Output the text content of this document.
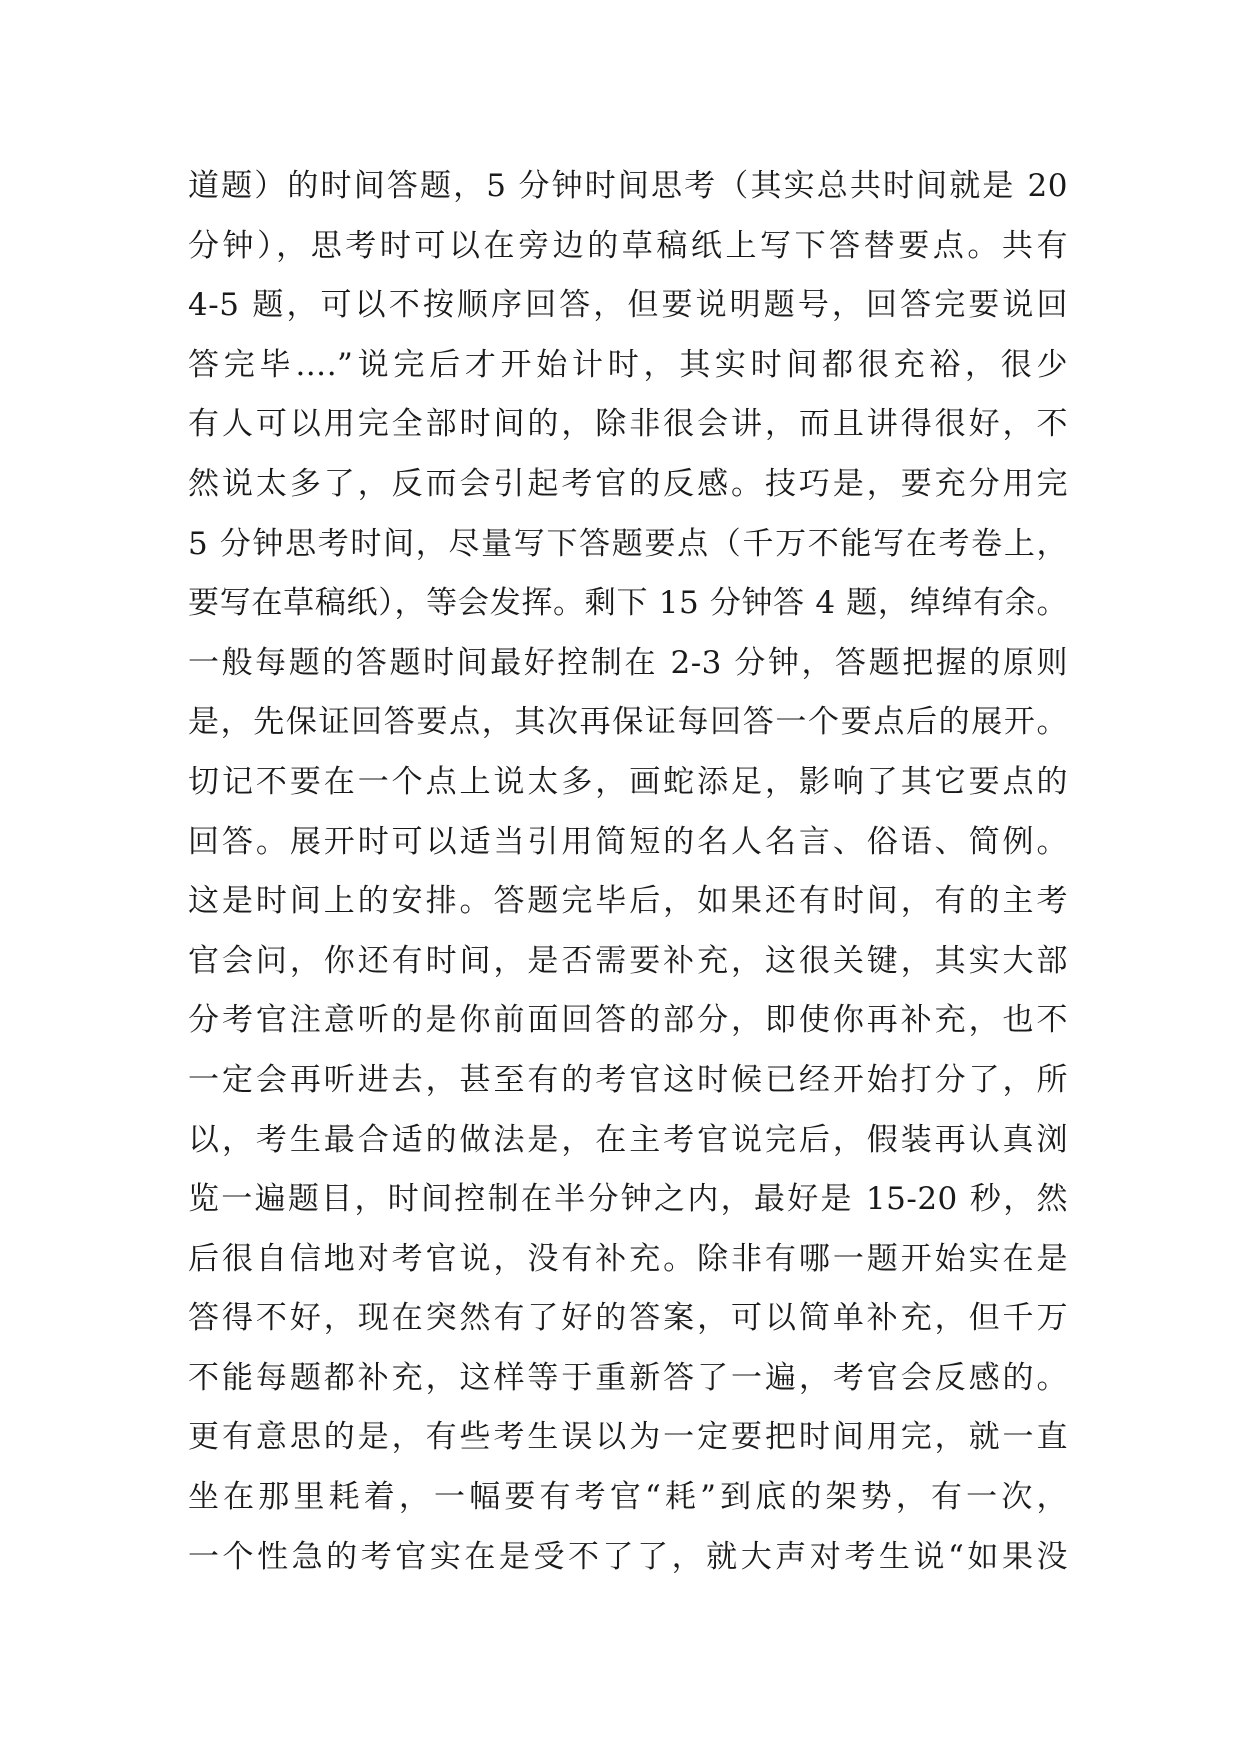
道题）的时间答题，5 分钟时间思考（其实总共时间就是 20
分钟），思考时可以在旁边的草稿纸上写下答替要点。共有
4-5 题，可以不按顺序回答，但要说明题号，回答完要说回
答完毕….”说完后才开始计时，其实时间都很充裕，很少
有人可以用完全部时间的，除非很会讲，而且讲得很好，不
然说太多了，反而会引起考官的反感。技巧是，要充分用完
5 分钟思考时间，尽量写下答题要点（千万不能写在考卷上，
要写在草稿纸），等会发挥。剩下 15 分钟答 4 题，绰绰有余。
一般每题的答题时间最好控制在 2-3 分钟，答题把握的原则
是，先保证回答要点，其次再保证每回答一个要点后的展开。
切记不要在一个点上说太多，画蛇添足，影响了其它要点的
回答。展开时可以适当引用简短的名人名言、俗语、简例。
这是时间上的安排。答题完毕后，如果还有时间，有的主考
官会问，你还有时间，是否需要补充，这很关键，其实大部
分考官注意听的是你前面回答的部分，即使你再补充，也不
一定会再听进去，甚至有的考官这时候已经开始打分了，所
以，考生最合适的做法是，在主考官说完后，假装再认真浏
览一遍题目，时间控制在半分钟之内，最好是 15-20 秒，然
后很自信地对考官说，没有补充。除非有哪一题开始实在是
答得不好，现在突然有了好的答案，可以简单补充，但千万
不能每题都补充，这样等于重新答了一遍，考官会反感的。
更有意思的是，有些考生误以为一定要把时间用完，就一直
坐在那里耗着，一幅要有考官“耗”到底的架势，有一次，
一个性急的考官实在是受不了了，就大声对考生说“如果没
